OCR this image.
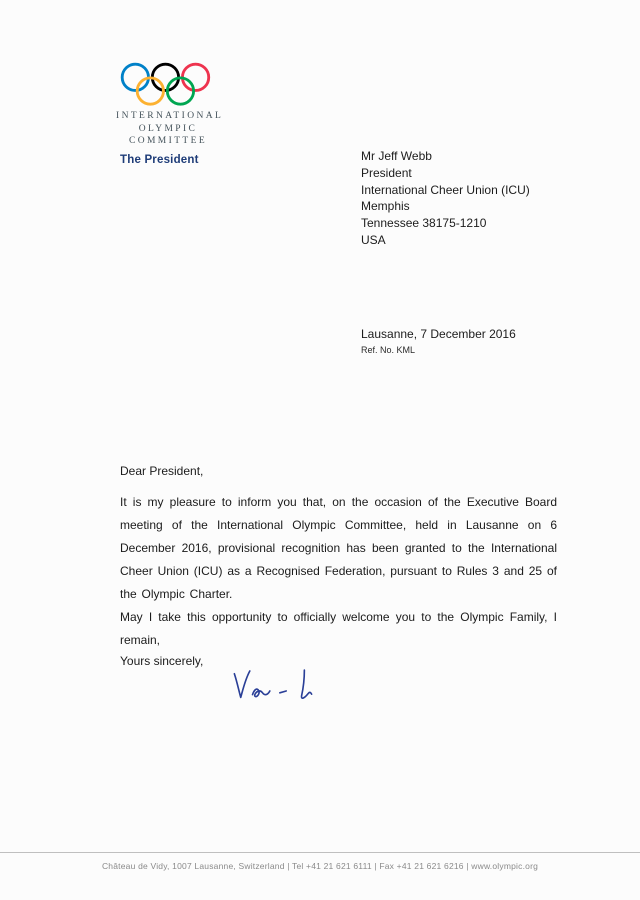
INTERNATIONAL
OLYMPIC
COMMITTEE
The President	Mr Jeff Webb
President
International Cheer Union (ICU)
Memphis
Tennessee 38175-1210
USA
Lausanne, 7 December 2016
Ref. No. KML
Dear President,

It is my pleasure to inform you that, on the occasion of the Executive Board meeting of the International Olympic Committee, held in Lausanne on 6 December 2016, provisional recognition has been granted to the International Cheer Union (ICU) as a Recognised Federation, pursuant to Rules 3 and 25 of the Olympic Charter.

May I take this opportunity to officially welcome you to the Olympic Family, I remain,

Yours sincerely,
Château de Vidy, 1007 Lausanne, Switzerland | Tel +41 21 621 6111 | Fax +41 21 621 6216 | www.olympic.org
